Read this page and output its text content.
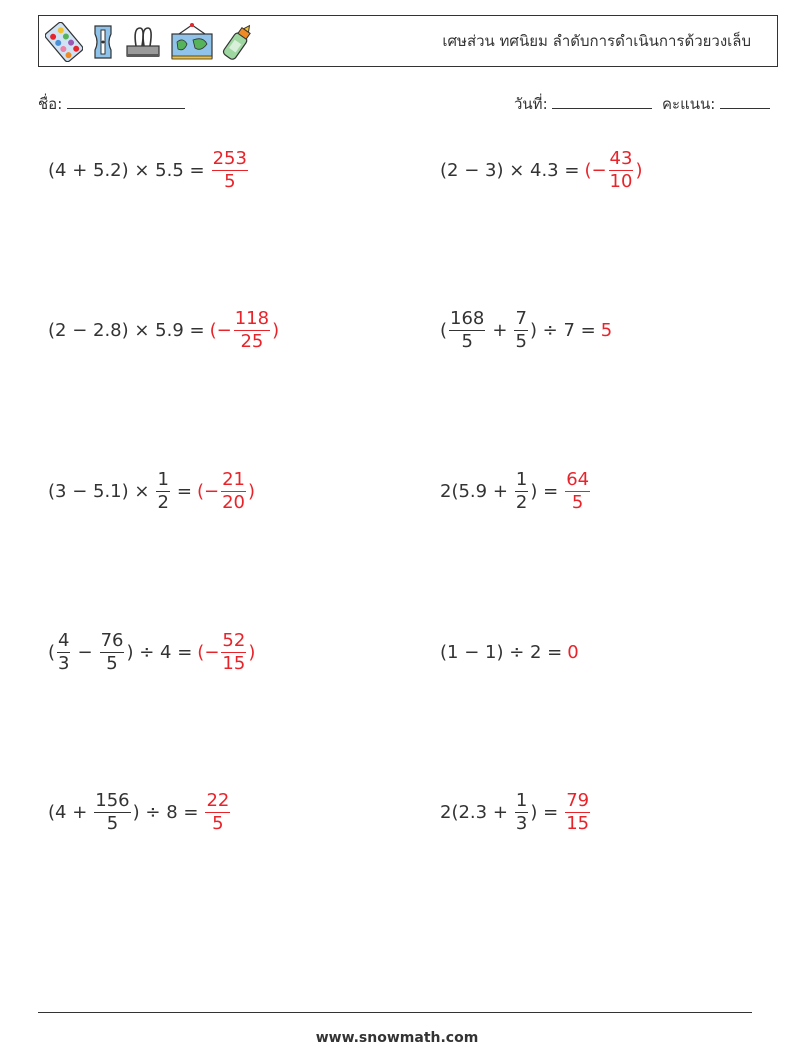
เศษส่วน ทศนิยม ลำดับการดำเนินการด้วยวงเล็บ
ชื่อ:	วันที่:	คะแนน:
$(4 + 5.2) \times 5.5 = \frac{253}{5}$	(2 − 3) × 4.3 = (− $\frac{43}{10}$ )
(2 − 2.8) × 5.9 = (− $\frac{118}{25}$ )	( $\frac{168}{5} + \frac{7}{5}$ ) ÷ 7 = 5
$(3 - 5.1) \times \frac{1}{2}$ = (− $\frac{21}{20}$ )	$2(5.9 + \frac{1}{2}$ ) = $\frac{64}{5}$
( $\frac{4}{3} - \frac{76}{5}$ ) ÷ 4 = (− $\frac{52}{15}$ )	(1 − 1) ÷ 2 = 0
($4 + \frac{156}{5}$ ) ÷ $8 = \frac{22}{5}$	$2(2.3 + \frac{1}{3}$ ) = $\frac{79}{15}$
www.snowmath.com
